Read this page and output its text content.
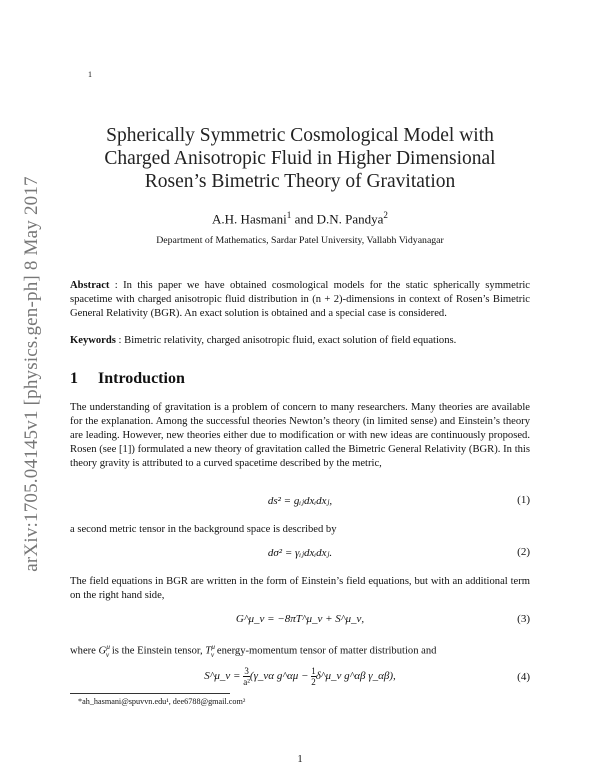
arXiv:1705.04145v1 [physics.gen-ph] 8 May 2017
1
Spherically Symmetric Cosmological Model with
Charged Anisotropic Fluid in Higher Dimensional
Rosen’s Bimetric Theory of Gravitation
A.H. Hasmani$^1$ and D.N. Pandya$^2$
Department of Mathematics, Sardar Patel University, Vallabh Vidyanagar
Abstract : In this paper we have obtained cosmological models for the static spherically symmetric spacetime with charged anisotropic fluid distribution in (n + 2)-dimensions in context of Rosen’s Bimetric General Relativity (BGR). An exact solution is obtained and a special case is considered.
Keywords : Bimetric relativity, charged anisotropic fluid, exact solution of field equations.
1 Introduction
The understanding of gravitation is a problem of concern to many researchers. Many theories are available for the explanation. Among the successful theories Newton’s theory (in limited sense) and Einstein’s theory are leading. However, new theories either due to modification or with new ideas are continuously proposed. Rosen (see [1]) formulated a new theory of gravitation called the Bimetric General Relativity (BGR). In this theory gravity is attributed to a curved spacetime described by the metric,
ds² = gᵢⱼdxᵢdxⱼ,	(1)
a second metric tensor in the background space is described by
dσ² = γᵢⱼdxᵢdxⱼ.	(2)
The field equations in BGR are written in the form of Einstein’s field equations, but with an additional term on the right hand side,
G^μ_ν = −8πT^μ_ν + S^μ_ν,	(3)
where $G^\mu_\nu$ is the Einstein tensor, $T^\mu_\nu$ energy-momentum tensor of matter distribution and
S^μ_ν = $\frac{3}{\text{a²}}$ (γ_να g^αμ − $\frac{1}{2}$ δ^μ_ν g^αβ γ_αβ),	(4)
*ah_hasmani@spuvvn.edu¹, dee6788@gmail.com²
1
